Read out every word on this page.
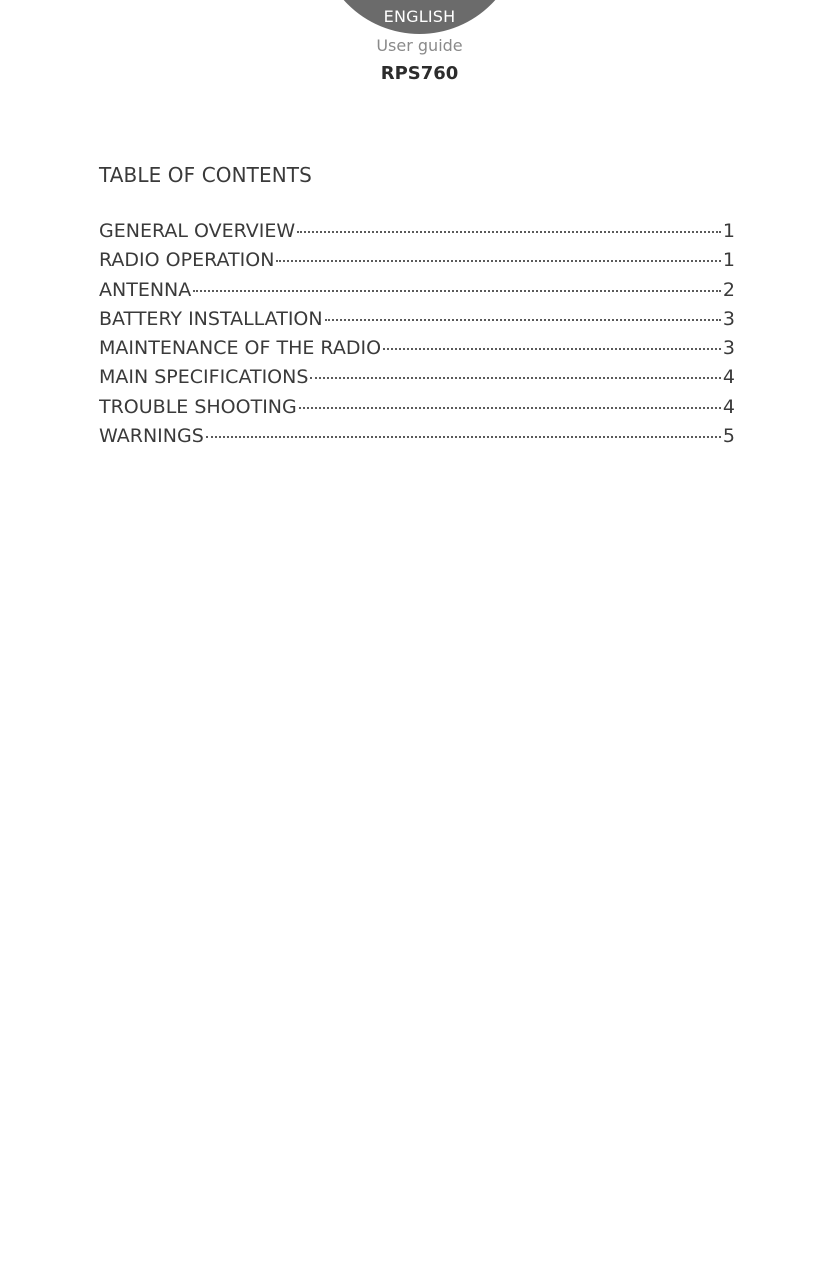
ENGLISH
User guide
RPS760
TABLE OF CONTENTS
GENERAL OVERVIEW	1
RADIO OPERATION	1
ANTENNA	2
BATTERY INSTALLATION	3
MAINTENANCE OF THE RADIO	3
MAIN SPECIFICATIONS	4
TROUBLE SHOOTING	4
WARNINGS	5
